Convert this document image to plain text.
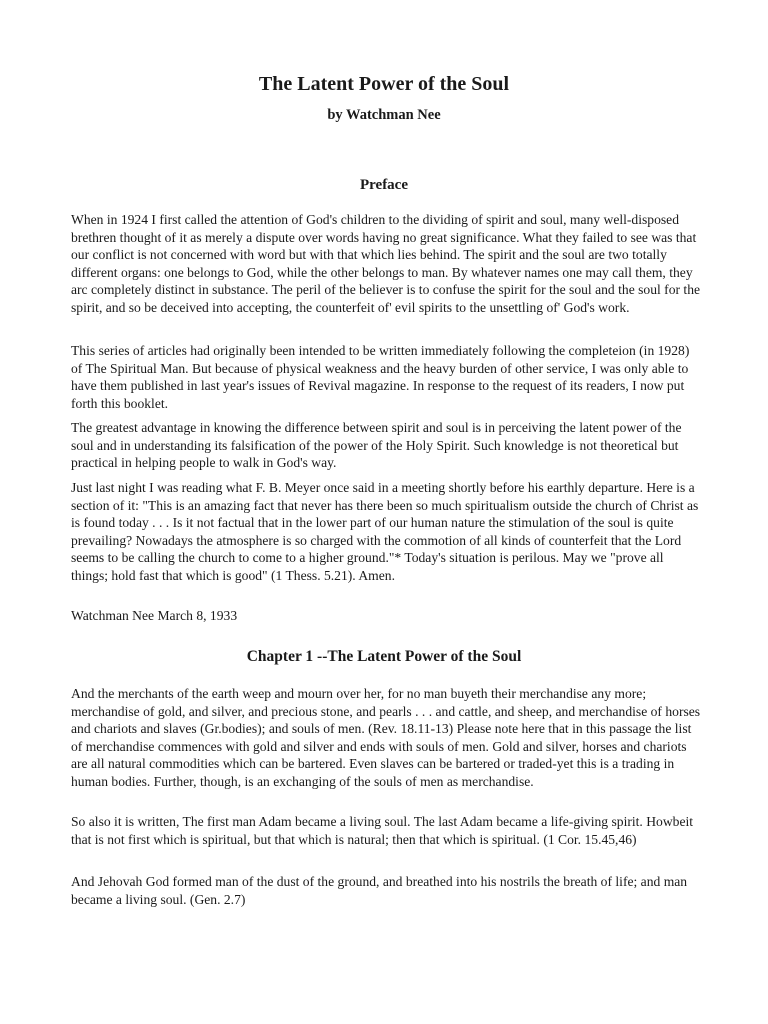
The Latent Power of the Soul
by Watchman Nee
Preface

When in 1924 I first called the attention of God's children to the dividing of spirit and soul, many well-disposed brethren thought of it as merely a dispute over words having no great significance. What they failed to see was that our conflict is not concerned with word but with that which lies behind. The spirit and the soul are two totally different organs: one belongs to God, while the other belongs to man. By whatever names one may call them, they arc completely distinct in substance. The peril of the believer is to confuse the spirit for the soul and the soul for the spirit, and so be deceived into accepting, the counterfeit of' evil spirits to the unsettling of' God's work.

This series of articles had originally been intended to be written immediately following the completeion (in 1928) of The Spiritual Man. But because of physical weakness and the heavy burden of other service, I was only able to have them published in last year's issues of Revival magazine. In response to the request of its readers, I now put forth this booklet.

The greatest advantage in knowing the difference between spirit and soul is in perceiving the latent power of the soul and in understanding its falsification of the power of the Holy Spirit. Such knowledge is not theoretical but practical in helping people to walk in God's way.

Just last night I was reading what F. B. Meyer once said in a meeting shortly before his earthly departure. Here is a section of it: "This is an amazing fact that never has there been so much spiritualism outside the church of Christ as is found today . . . Is it not factual that in the lower part of our human nature the stimulation of the soul is quite prevailing? Nowadays the atmosphere is so charged with the commotion of all kinds of counterfeit that the Lord seems to be calling the church to come to a higher ground."* Today's situation is perilous. May we "prove all things; hold fast that which is good" (1 Thess. 5.21). Amen.

Watchman Nee March 8, 1933

Chapter 1 --The Latent Power of the Soul

And the merchants of the earth weep and mourn over her, for no man buyeth their merchandise any more; merchandise of gold, and silver, and precious stone, and pearls . . . and cattle, and sheep, and merchandise of horses and chariots and slaves (Gr.bodies); and souls of men. (Rev. 18.11-13) Please note here that in this passage the list of merchandise commences with gold and silver and ends with souls of men. Gold and silver, horses and chariots are all natural commodities which can be bartered. Even slaves can be bartered or traded-yet this is a trading in human bodies. Further, though, is an exchanging of the souls of men as merchandise.

So also it is written, The first man Adam became a living soul. The last Adam became a life-giving spirit. Howbeit that is not first which is spiritual, but that which is natural; then that which is spiritual. (1 Cor. 15.45,46)

And Jehovah God formed man of the dust of the ground, and breathed into his nostrils the breath of life; and man became a living soul. (Gen. 2.7)
